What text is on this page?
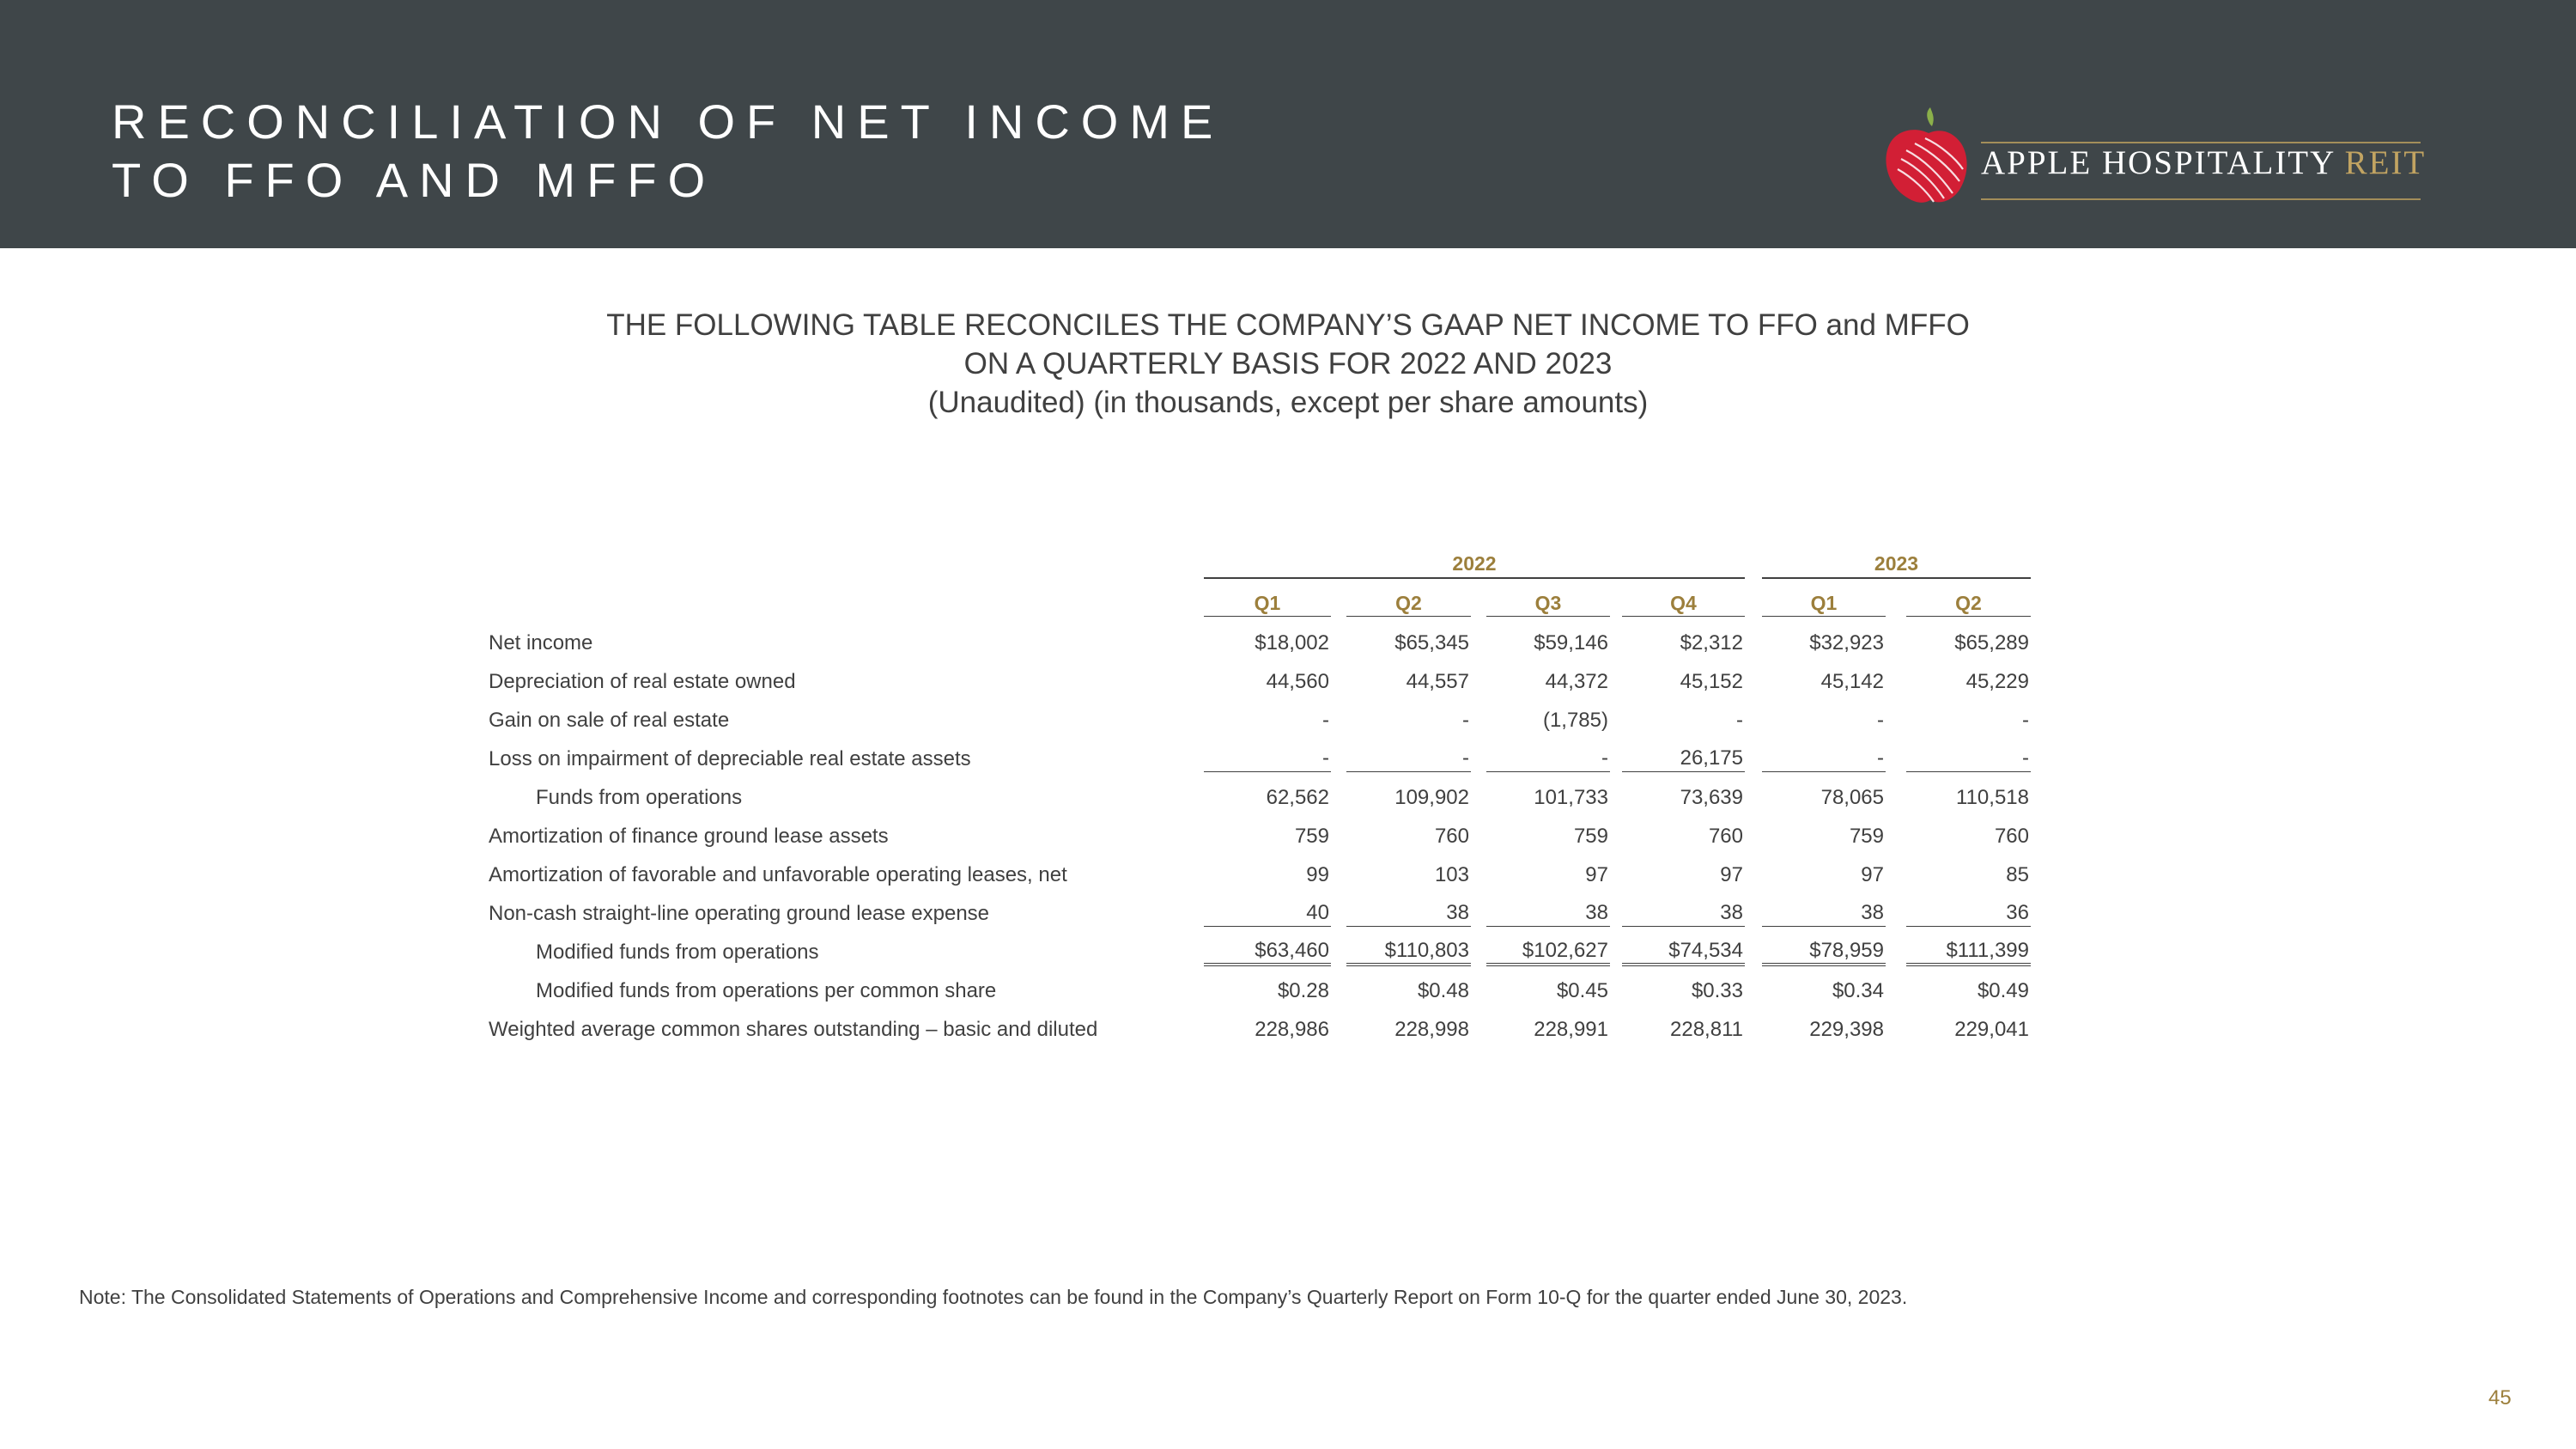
RECONCILIATION OF NET INCOME
TO FFO AND MFFO	APPLE HOSPITALITY REIT
THE FOLLOWING TABLE RECONCILES THE COMPANY’S GAAP NET INCOME TO FFO and MFFO
ON A QUARTERLY BASIS FOR 2022 AND 2023
(Unaudited) (in thousands, except per share amounts)

		2022								2023		

		Q1		Q2		Q3		Q4		Q1		Q2

Net income		$18,002		$65,345		$59,146		$2,312		$32,923		$65,289
Depreciation of real estate owned		44,560		44,557		44,372		45,152		45,142		45,229
Gain on sale of real estate		-		-		(1,785)		-		-		-
Loss on impairment of depreciable real estate assets		-		-		-		26,175		-		-
Funds from operations		62,562		109,902		101,733		73,639		78,065		110,518
Amortization of finance ground lease assets		759		760		759		760		759		760
Amortization of favorable and unfavorable operating leases, net		99		103		97		97		97		85
Non-cash straight-line operating ground lease expense		40		38		38		38		38		36
Modified funds from operations		$63,460		$110,803		$102,627		$74,534		$78,959		$111,399
Modified funds from operations per common share		$0.28		$0.48		$0.45		$0.33		$0.34		$0.49
Weighted average common shares outstanding – basic and diluted		228,986		228,998		228,991		228,811		229,398		229,041
Note: The Consolidated Statements of Operations and Comprehensive Income and corresponding footnotes can be found in the Company’s Quarterly Report on Form 10-Q for the quarter ended June 30, 2023.
45
